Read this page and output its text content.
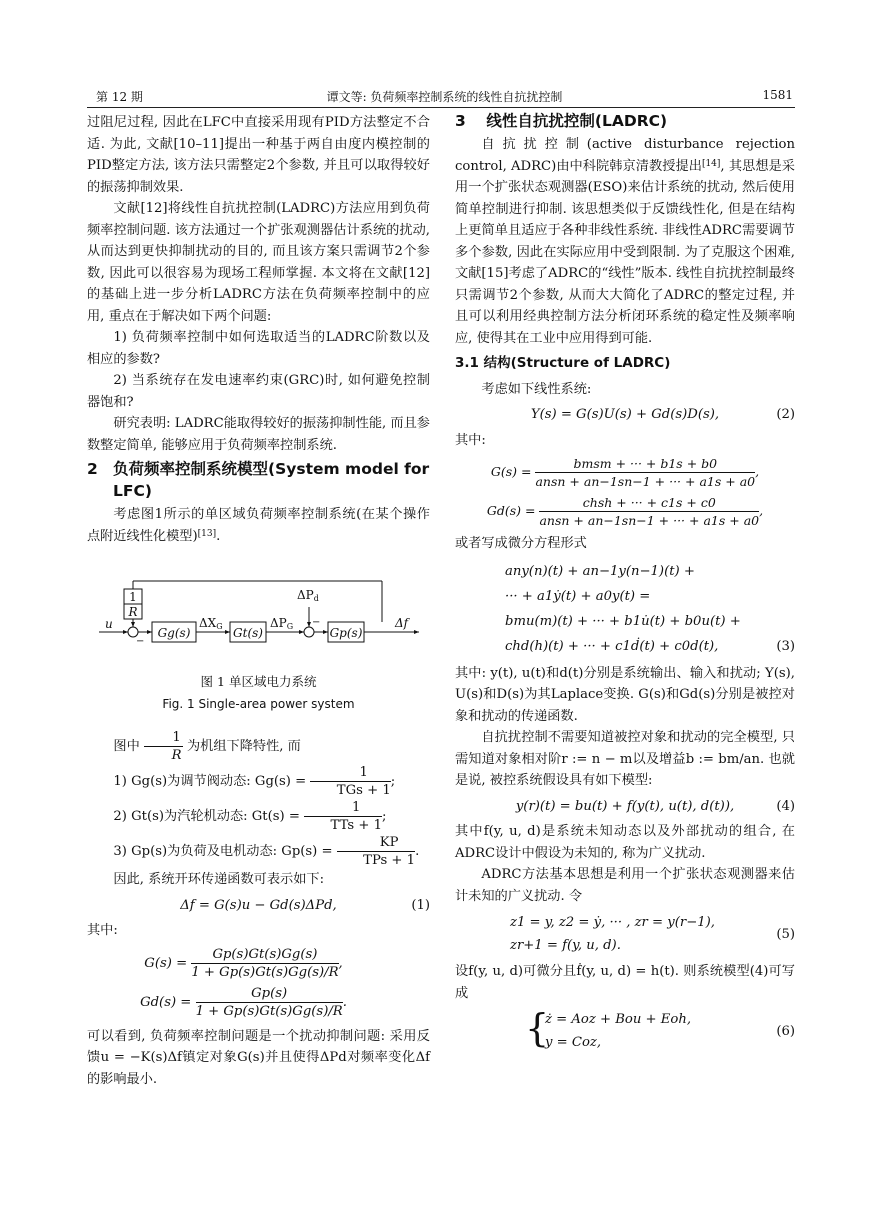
第 12 期	谭文等: 负荷频率控制系统的线性自抗扰控制	1581

过阻尼过程, 因此在LFC中直接采用现有PID方法整定不合适. 为此, 文献[10–11]提出一种基于两自由度内模控制的PID整定方法, 该方法只需整定2个参数, 并且可以取得较好的振荡抑制效果.

文献[12]将线性自抗扰控制(LADRC)方法应用到负荷频率控制问题. 该方法通过一个扩张观测器估计系统的扰动, 从而达到更快抑制扰动的目的, 而且该方案只需调节2个参数, 因此可以很容易为现场工程师掌握. 本文将在文献[12]的基础上进一步分析LADRC方法在负荷频率控制中的应用, 重点在于解决如下两个问题:

1) 负荷频率控制中如何选取适当的LADRC阶数以及相应的参数?

2) 当系统存在发电速率约束(GRC)时, 如何避免控制器饱和?

研究表明: LADRC能取得较好的振荡抑制性能, 而且参数整定简单, 能够应用于负荷频率控制系统.

2 负荷频率控制系统模型(System model for LFC)

考虑图1所示的单区域负荷频率控制系统(在某个操作点附近线性化模型)[13].

1
R
u
−
Gg(s)
ΔXG Gt(s)
ΔPG
ΔPd
−
Gp(s)
Δf
图 1 单区域电力系统
Fig. 1 Single-area power system
图中 $\frac{1}{R}$ 为机组下降特性, 而
1) Gg(s)为调节阀动态: $Gg(s) = \frac{1}{\text{TGs + 1}}$ ;
2) Gt(s)为汽轮机动态: $Gt(s) = \frac{1}{\text{TTs + 1}}$ ;
3) Gp(s)为负荷及电机动态: $Gp(s) = \frac{KP}{\text{TPs + 1}}$ .

因此, 系统开环传递函数可表示如下:

Δf = G(s)u − Gd(s)ΔPd,	(1)

其中:

$G(s) = \frac{Gp(s)Gt(s)Gg(s)}{1 + Gp(s)Gt(s)Gg(s)/R}$ ,
$Gd(s) = \frac{Gp(s)}{1 + Gp(s)Gt(s)Gg(s)/R}$ .

可以看到, 负荷频率控制问题是一个扰动抑制问题: 采用反馈u = −K(s)Δf镇定对象G(s)并且使得ΔPd对频率变化Δf的影响最小.

3 线性自抗扰控制(LADRC)

自抗扰控制(active disturbance rejection control, ADRC)由中科院韩京清教授提出[14], 其思想是采用一个扩张状态观测器(ESO)来估计系统的扰动, 然后使用简单控制进行抑制. 该思想类似于反馈线性化, 但是在结构上更简单且适应于各种非线性系统. 非线性ADRC需要调节多个参数, 因此在实际应用中受到限制. 为了克服这个困难, 文献[15]考虑了ADRC的“线性”版本. 线性自抗扰控制最终只需调节2个参数, 从而大大简化了ADRC的整定过程, 并且可以利用经典控制方法分析闭环系统的稳定性及频率响应, 使得其在工业中应用得到可能.

3.1 结构(Structure of LADRC)

考虑如下线性系统:

Y(s) = G(s)U(s) + Gd(s)D(s),	(2)

其中:

$G(s) = \frac{\text{bmsm + ··· + b1s + b0}}{\text{ansn + an−1sn−1 + ··· + a1s + a0}}$ ,
$Gd(s) = \frac{\text{chsh + ··· + c1s + c0}}{\text{ansn + an−1sn−1 + ··· + a1s + a0}}$ ,

或者写成微分方程形式

any(n)(t) + an−1y(n−1)(t) +
··· + a1ẏ(t) + a0y(t) =
bmu(m)(t) + ··· + b1u̇(t) + b0u(t) +
chd(h)(t) + ··· + c1ḋ(t) + c0d(t),	(3)

其中: y(t), u(t)和d(t)分别是系统输出、输入和扰动; Y(s), U(s)和D(s)为其Laplace变换. G(s)和Gd(s)分别是被控对象和扰动的传递函数.

自抗扰控制不需要知道被控对象和扰动的完全模型, 只需知道对象相对阶r := n − m以及增益b := bm/an. 也就是说, 被控系统假设具有如下模型:

y(r)(t) = bu(t) + f(y(t), u(t), d(t)),	(4)

其中f(y, u, d)是系统未知动态以及外部扰动的组合, 在ADRC设计中假设为未知的, 称为广义扰动.

ADRC方法基本思想是利用一个扩张状态观测器来估计未知的广义扰动. 令

z1 = y, z2 = ẏ, ··· , zr = y(r−1),
zr+1 = f(y, u, d).
(5)

设f(y, u, d)可微分且ḟ(y, u, d) = h(t). 则系统模型(4)可写成

{
ż = Aoz + Bou + Eoh,
y = Coz,
(6)
